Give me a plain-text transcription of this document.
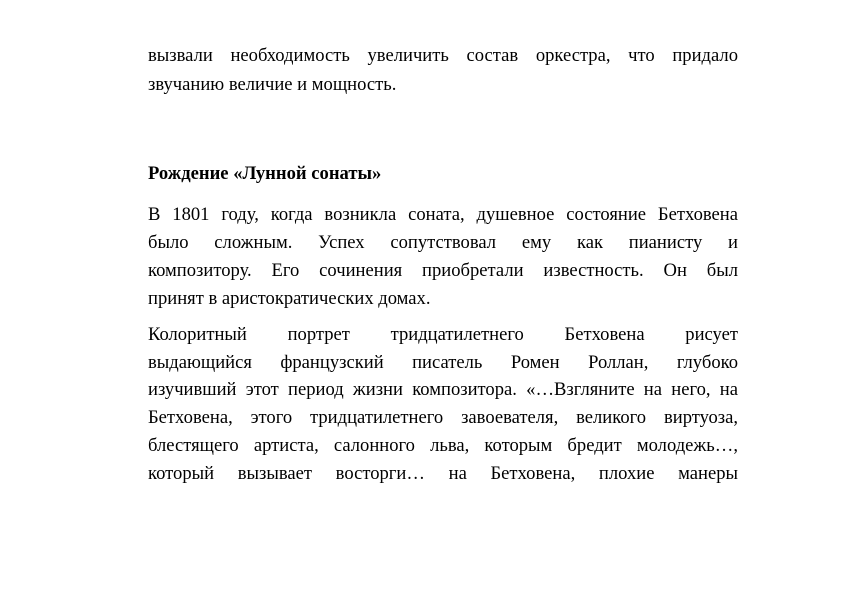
вызвали необходимость увеличить состав оркестра, что придало
звучанию величие и мощность.
Рождение «Лунной сонаты»
В 1801 году, когда возникла соната, душевное состояние Бетховена
было сложным. Успех сопутствовал ему как пианисту и
композитору. Его сочинения приобретали известность. Он был
принят в аристократических домах.
Колоритный портрет тридцатилетнего Бетховена рисует
выдающийся французский писатель Ромен Роллан, глубоко
изучивший этот период жизни композитора. «…Взгляните на него, на
Бетховена, этого тридцатилетнего завоевателя, великого виртуоза,
блестящего артиста, салонного льва, которым бредит молодежь…,
который вызывает восторги… на Бетховена, плохие манеры
